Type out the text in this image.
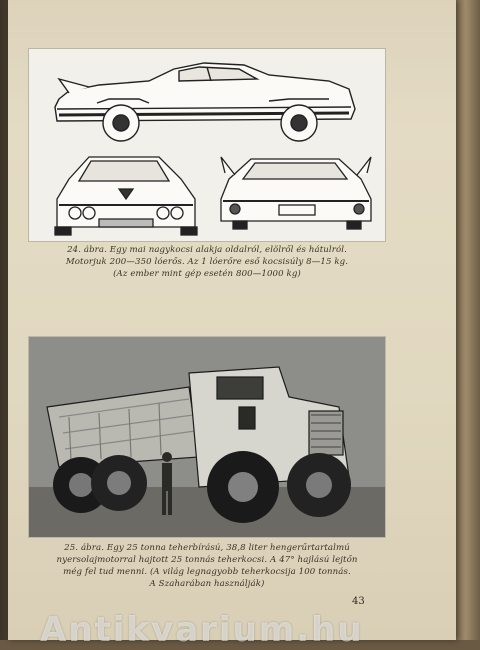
24. ábra. Egy mai nagykocsi alakja oldalról, elölről és hátulról.
Motorjuk 200—350 lóerős. Az 1 lóerőre eső kocsisúly 8—15 kg.
(Az ember mint gép esetén 800—1000 kg)
25. ábra. Egy 25 tonna teherbírású, 38,8 liter hengerűrtartalmú
nyersolajmotorral hajtott 25 tonnás teherkocsi. A 47° hajlású lejtőn
még fel tud menni. (A világ legnagyobb teherkocsija 100 tonnás.
A Szaharában használják)
43
Antikvarium.hu
